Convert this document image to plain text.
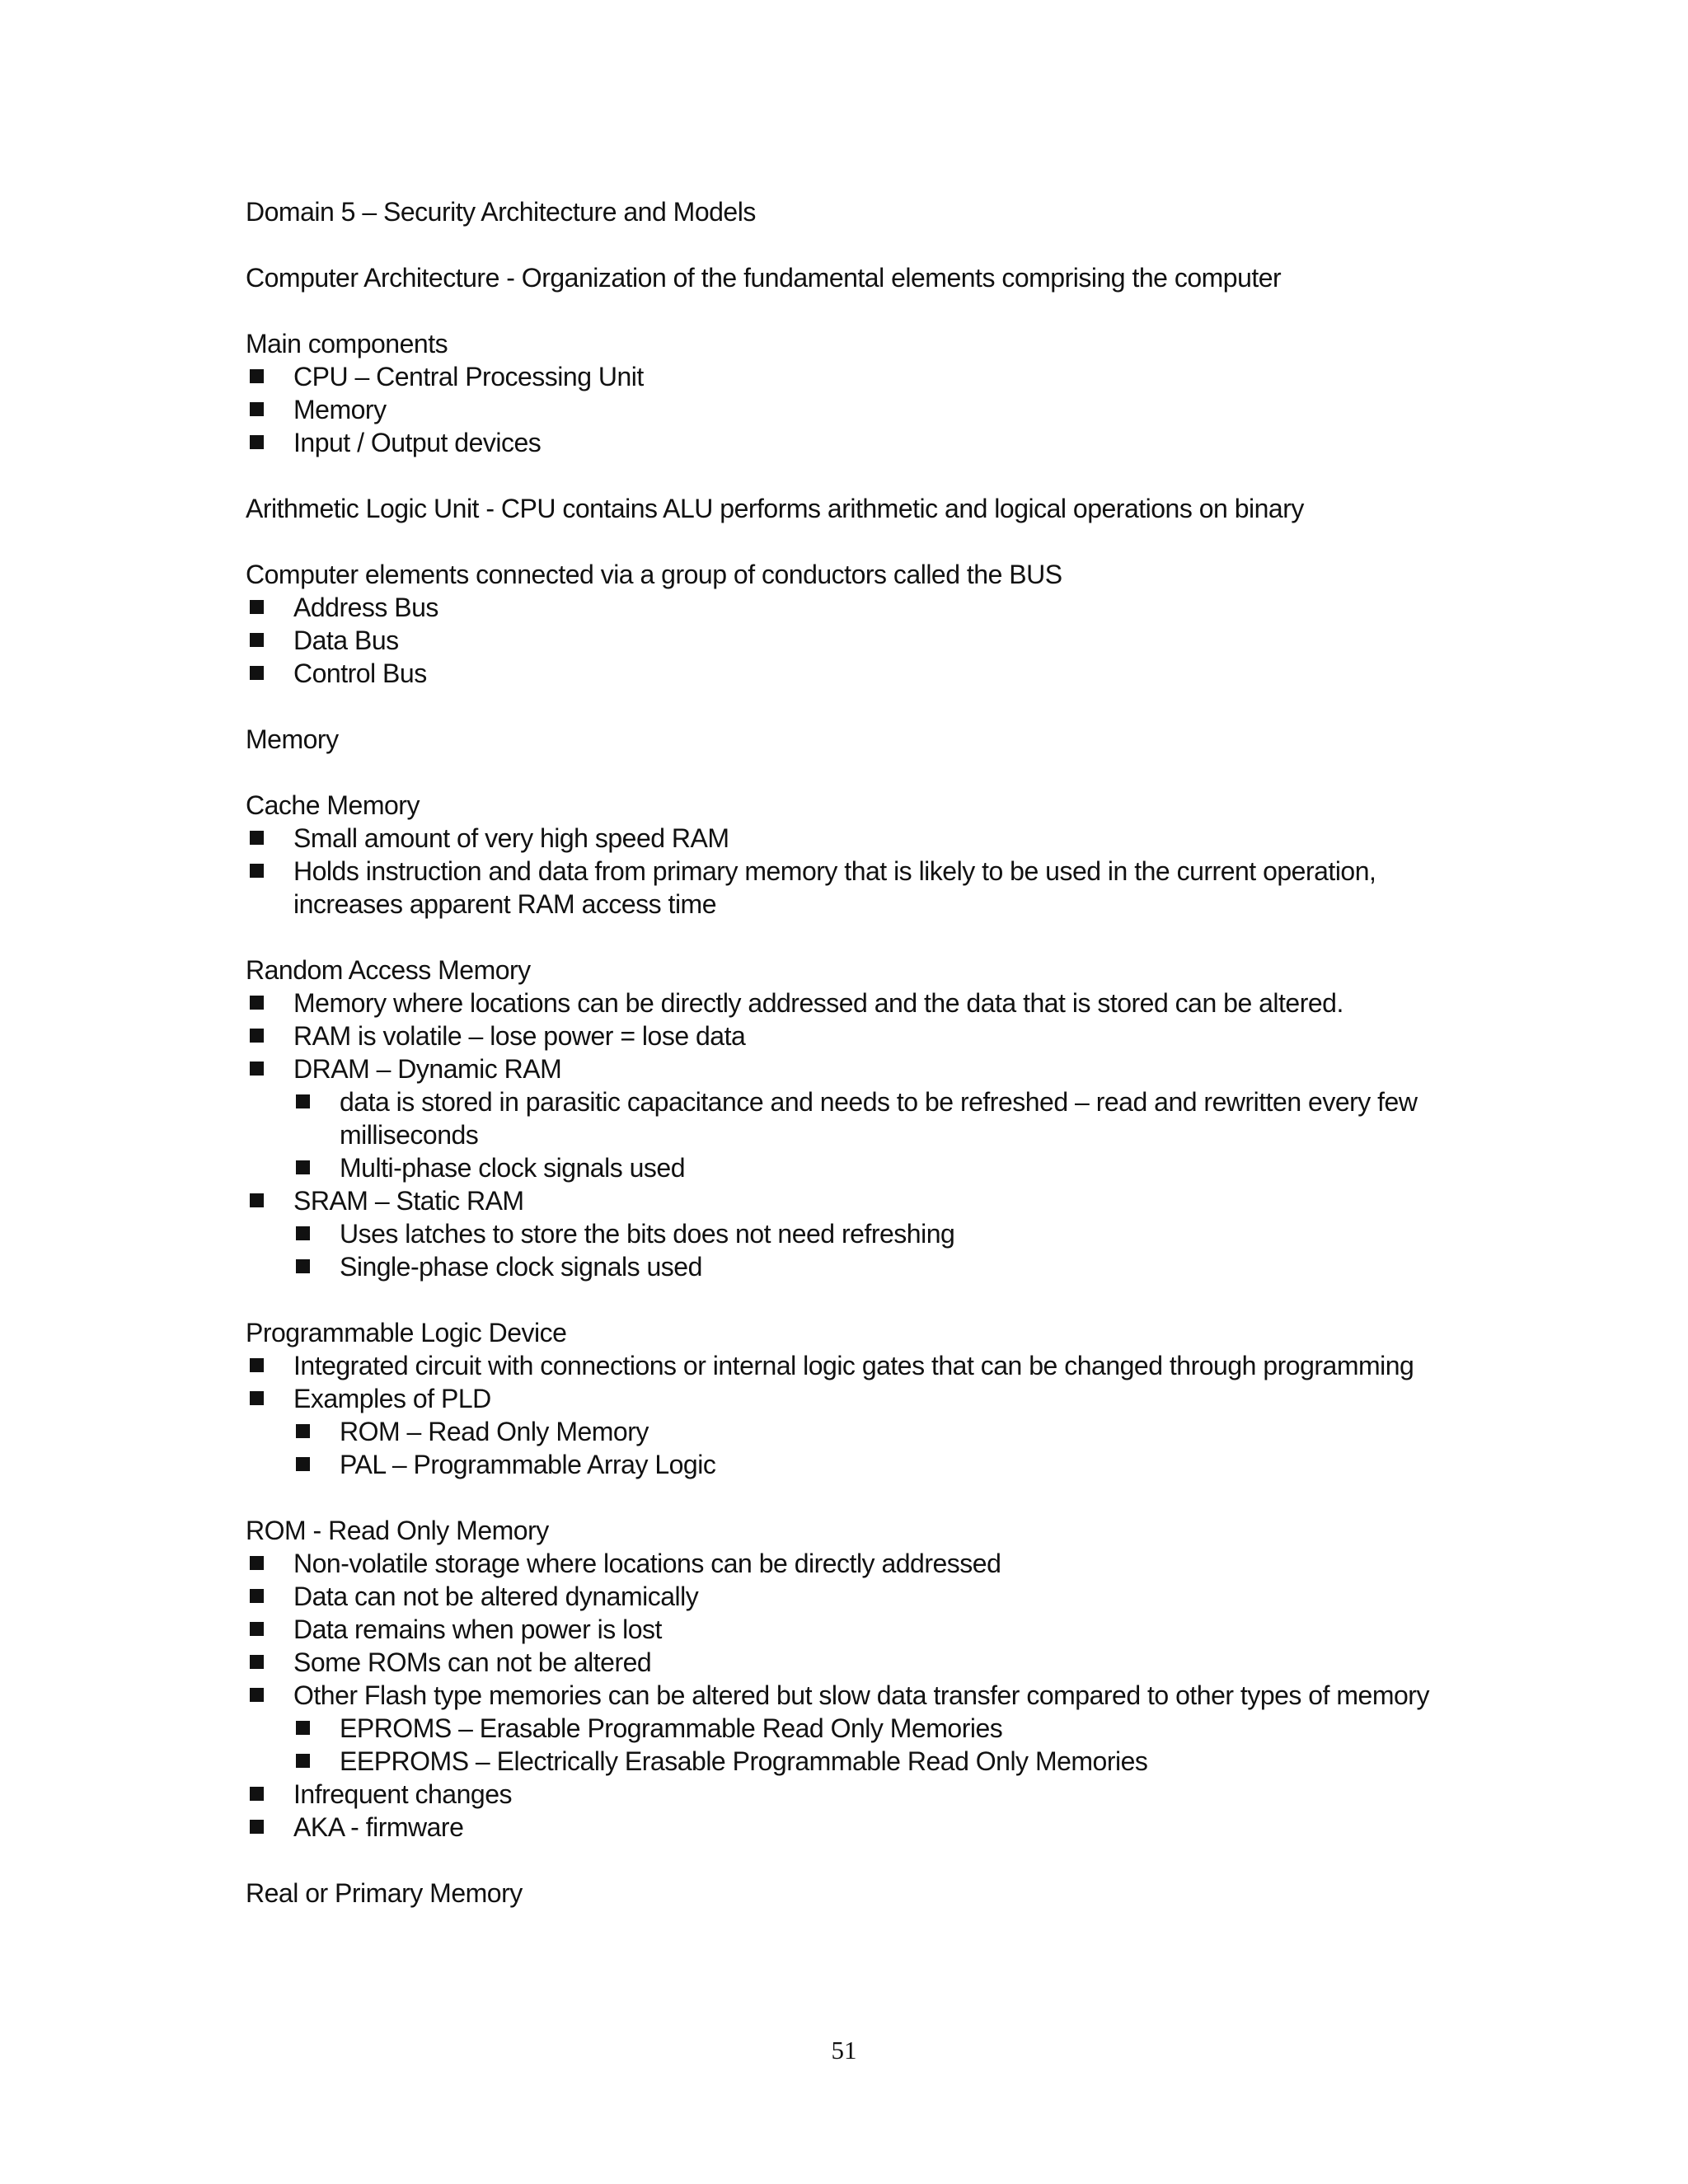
Domain 5 – Security Architecture and Models
Computer Architecture - Organization of the fundamental elements comprising the computer
Main components
CPU – Central Processing Unit
Memory
Input / Output devices
Arithmetic Logic Unit - CPU contains ALU performs arithmetic and logical operations on binary
Computer elements connected via a group of conductors called the BUS
Address Bus
Data Bus
Control Bus
Memory
Cache Memory
Small amount of very high speed RAM
Holds instruction and data from primary memory that is likely to be used in the current operation, increases apparent RAM access time
Random Access Memory
Memory where locations can be directly addressed and the data that is stored can be altered.
RAM is volatile – lose power = lose data
DRAM – Dynamic RAM
data is stored in parasitic capacitance and needs to be refreshed – read and rewritten every few milliseconds
Multi-phase clock signals used
SRAM – Static RAM
Uses latches to store the bits does not need refreshing
Single-phase clock signals used
Programmable Logic Device
Integrated circuit with connections or internal logic gates that can be changed through programming
Examples of PLD
ROM – Read Only Memory
PAL – Programmable Array Logic
ROM - Read Only Memory
Non-volatile storage where locations can be directly addressed
Data can not be altered dynamically
Data remains when power is lost
Some ROMs can not be altered
Other Flash type memories can be altered but slow data transfer compared to other types of memory
EPROMS – Erasable Programmable Read Only Memories
EEPROMS – Electrically Erasable Programmable Read Only Memories
Infrequent changes
AKA - firmware
Real or Primary Memory
51
